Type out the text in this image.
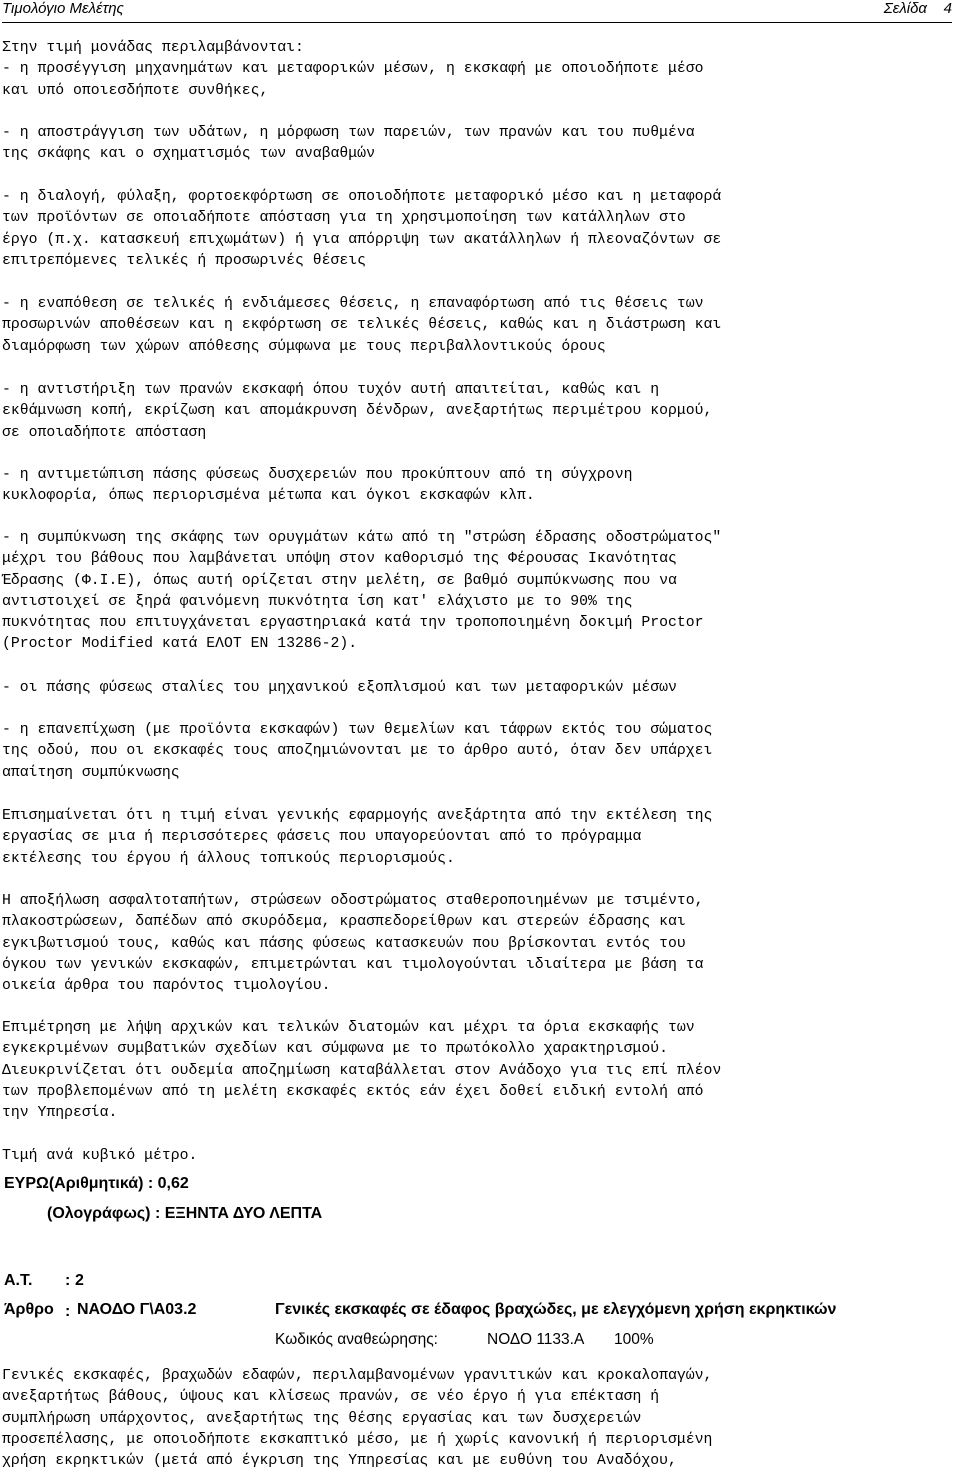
Τιμολόγιο Μελέτης	Σελίδα 4

Στην τιμή μονάδας περιλαμβάνονται:
- η προσέγγιση μηχανημάτων και μεταφορικών μέσων, η εκσκαφή με οποιοδήποτε μέσο
και υπό οποιεσδήποτε συνθήκες,

- η αποστράγγιση των υδάτων, η μόρφωση των παρειών, των πρανών και του πυθμένα
της σκάφης και ο σχηματισμός των αναβαθμών

- η διαλογή, φύλαξη, φορτοεκφόρτωση σε οποιοδήποτε μεταφορικό μέσο και η μεταφορά
των προϊόντων σε οποιαδήποτε απόσταση για τη χρησιμοποίηση των κατάλληλων στο
έργο (π.χ. κατασκευή επιχωμάτων) ή για απόρριψη των ακατάλληλων ή πλεοναζόντων σε
επιτρεπόμενες τελικές ή προσωρινές θέσεις

- η εναπόθεση σε τελικές ή ενδιάμεσες θέσεις, η επαναφόρτωση από τις θέσεις των
προσωρινών αποθέσεων και η εκφόρτωση σε τελικές θέσεις, καθώς και η διάστρωση και
διαμόρφωση των χώρων απόθεσης σύμφωνα με τους περιβαλλοντικούς όρους

- η αντιστήριξη των πρανών εκσκαφή όπου τυχόν αυτή απαιτείται, καθώς και η
εκθάμνωση κοπή, εκρίζωση και απομάκρυνση δένδρων, ανεξαρτήτως περιμέτρου κορμού,
σε οποιαδήποτε απόσταση

- η αντιμετώπιση πάσης φύσεως δυσχερειών που προκύπτουν από τη σύγχρονη
κυκλοφορία, όπως περιορισμένα μέτωπα και όγκοι εκσκαφών κλπ.

- η συμπύκνωση της σκάφης των ορυγμάτων κάτω από τη "στρώση έδρασης οδοστρώματος"
μέχρι του βάθους που λαμβάνεται υπόψη στον καθορισμό της Φέρουσας Ικανότητας
Έδρασης (Φ.Ι.Ε), όπως αυτή ορίζεται στην μελέτη, σε βαθμό συμπύκνωσης που να
αντιστοιχεί σε ξηρά φαινόμενη πυκνότητα ίση κατ' ελάχιστο με το 90% της
πυκνότητας που επιτυγχάνεται εργαστηριακά κατά την τροποποιημένη δοκιμή Proctor
(Proctor Modified κατά ΕΛΟΤ ΕΝ 13286-2).

- οι πάσης φύσεως σταλίες του μηχανικού εξοπλισμού και των μεταφορικών μέσων

- η επανεπίχωση (με προϊόντα εκσκαφών) των θεμελίων και τάφρων εκτός του σώματος
της οδού, που οι εκσκαφές τους αποζημιώνονται με το άρθρο αυτό, όταν δεν υπάρχει
απαίτηση συμπύκνωσης

Επισημαίνεται ότι η τιμή είναι γενικής εφαρμογής ανεξάρτητα από την εκτέλεση της
εργασίας σε μια ή περισσότερες φάσεις που υπαγορεύονται από το πρόγραμμα
εκτέλεσης του έργου ή άλλους τοπικούς περιορισμούς.

Η αποξήλωση ασφαλτοταπήτων, στρώσεων οδοστρώματος σταθεροποιημένων με τσιμέντο,
πλακοστρώσεων, δαπέδων από σκυρόδεμα, κρασπεδορείθρων και στερεών έδρασης και
εγκιβωτισμού τους, καθώς και πάσης φύσεως κατασκευών που βρίσκονται εντός του
όγκου των γενικών εκσκαφών, επιμετρώνται και τιμολογούνται ιδιαίτερα με βάση τα
οικεία άρθρα του παρόντος τιμολογίου.

Επιμέτρηση με λήψη αρχικών και τελικών διατομών και μέχρι τα όρια εκσκαφής των
εγκεκριμένων συμβατικών σχεδίων και σύμφωνα με το πρωτόκολλο χαρακτηρισμού.
Διευκρινίζεται ότι ουδεμία αποζημίωση καταβάλλεται στον Ανάδοχο για τις επί πλέον
των προβλεπομένων από τη μελέτη εκσκαφές εκτός εάν έχει δοθεί ειδική εντολή από
την Υπηρεσία.

Τιμή ανά κυβικό μέτρο.

ΕΥΡΩ(Αριθμητικά) : 0,62
(Ολογράφως) : ΕΞΗΝΤΑ ΔΥΟ ΛΕΠΤΑ
Α.Τ. : 2
Άρθρο : ΝΑΟΔΟ Γ\Α03.2	Γενικές εκσκαφές σε έδαφος βραχώδες, με ελεγχόμενη χρήση εκρηκτικών
Κωδικός αναθεώρησης:	ΝΟΔΟ 1133.Α 100%

Γενικές εκσκαφές, βραχωδών εδαφών, περιλαμβανομένων γρανιτικών και κροκαλοπαγών,
ανεξαρτήτως βάθους, ύψους και κλίσεως πρανών, σε νέο έργο ή για επέκταση ή
συμπλήρωση υπάρχοντος, ανεξαρτήτως της θέσης εργασίας και των δυσχερειών
προσεπέλασης, με οποιοδήποτε εκσκαπτικό μέσο, με ή χωρίς κανονική ή περιορισμένη
χρήση εκρηκτικών (μετά από έγκριση της Υπηρεσίας και με ευθύνη του Αναδόχου,
